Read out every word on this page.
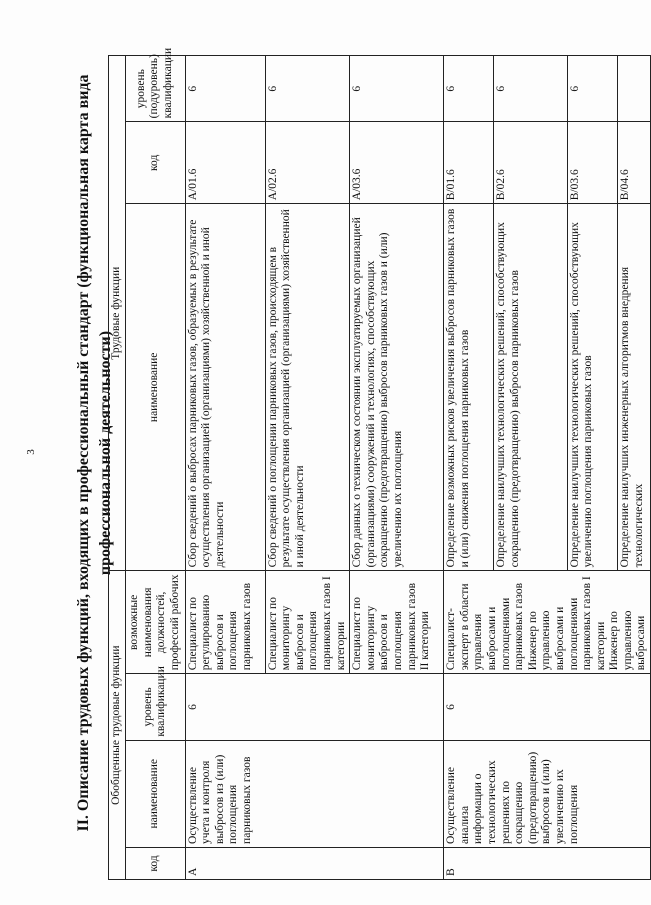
3 II. Описание трудовых функций, входящих в профессиональный стандарт (функциональная карта вида профессиональной деятельности)
Обобщенные трудовые функции				Трудовые функции		
код	наименование	уровень квалификации	возможные наименования должностей, профессий рабочих	наименование	код	уровень (подуровень) квалификации
A	Осуществление учета и контроля выбросов из (или) поглощения парниковых газов	6	Специалист по регулированию выбросов и поглощения парниковых газов	Сбор сведений о выбросах парниковых газов, образуемых в результате осуществления организацией (организациями) хозяйственной и иной деятельности	A/01.6	6
			Специалист по мониторингу выбросов и поглощения парниковых газов I категории	Сбор сведений о поглощении парниковых газов, происходящем в результате осуществления организацией (организациями) хозяйственной и иной деятельности	A/02.6	6
			Специалист по мониторингу выбросов и поглощения парниковых газов II категории	Сбор данных о техническом состоянии эксплуатируемых организацией (организациями) сооружений и технологиях, способствующих сокращению (предотвращению) выбросов парниковых газов и (или) увеличению их поглощения	A/03.6	6
B	Осуществление анализа информации о технологических решениях по сокращению (предотвращению) выбросов и (или) увеличению их поглощения	6	Специалист-эксперт в области управления выбросами и поглощениями парниковых газов Инженер по управлению выбросами и поглощениями парниковых газов I категории Инженер по управлению выбросами	Определение возможных рисков увеличения выбросов парниковых газов и (или) снижения поглощения парниковых газов	B/01.6	6
				Определение наилучших технологических решений, способствующих сокращению (предотвращению) выбросов парниковых газов	B/02.6	6
				Определение наилучших технологических решений, способствующих увеличению поглощения парниковых газов	B/03.6	6
				Определение наилучших инженерных алгоритмов внедрения технологических	B/04.6	
